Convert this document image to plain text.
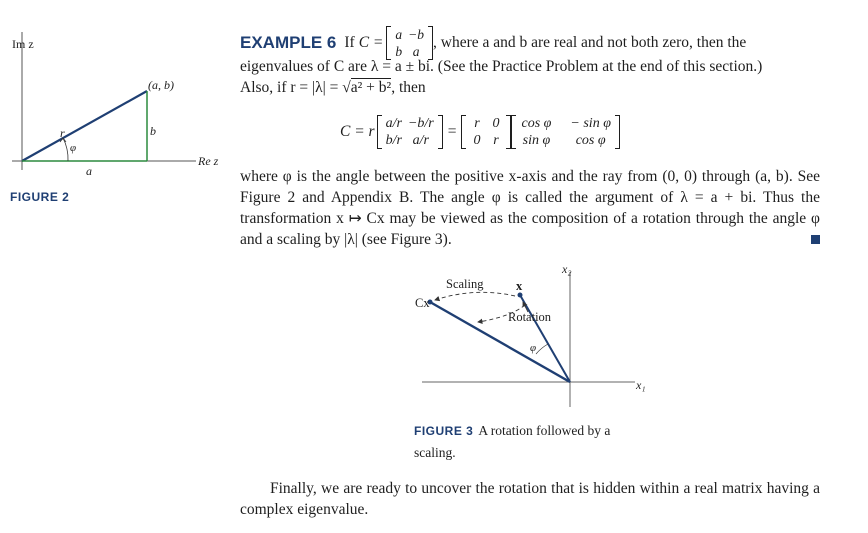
Im z
(a, b)
r
φ
b
a
Re z
FIGURE 2
EXAMPLE 6 If C = a	−b
b	a
, where a and b are real and not both zero, then the
eigenvalues of C are λ = a ± bi. (See the Practice Problem at the end of this section.)
Also, if r = |λ| = √a² + b², then
C = r a/r	−b/r
b/r	a/r
= r	0
0	r
cos φ	− sin φ
sin φ	cos φ
where φ is the angle between the positive x-axis and the ray from (0, 0) through (a, b). See Figure 2 and Appendix B. The angle φ is called the argument of λ = a + bi. Thus the transformation x ↦ Cx may be viewed as the composition of a rotation through the angle φ and a scaling by |λ| (see Figure 3).
x₂
x₁
Scaling	x
Cx
Rotation
φ
FIGURE 3 A rotation followed by a scaling.
Finally, we are ready to uncover the rotation that is hidden within a real matrix having a complex eigenvalue.
